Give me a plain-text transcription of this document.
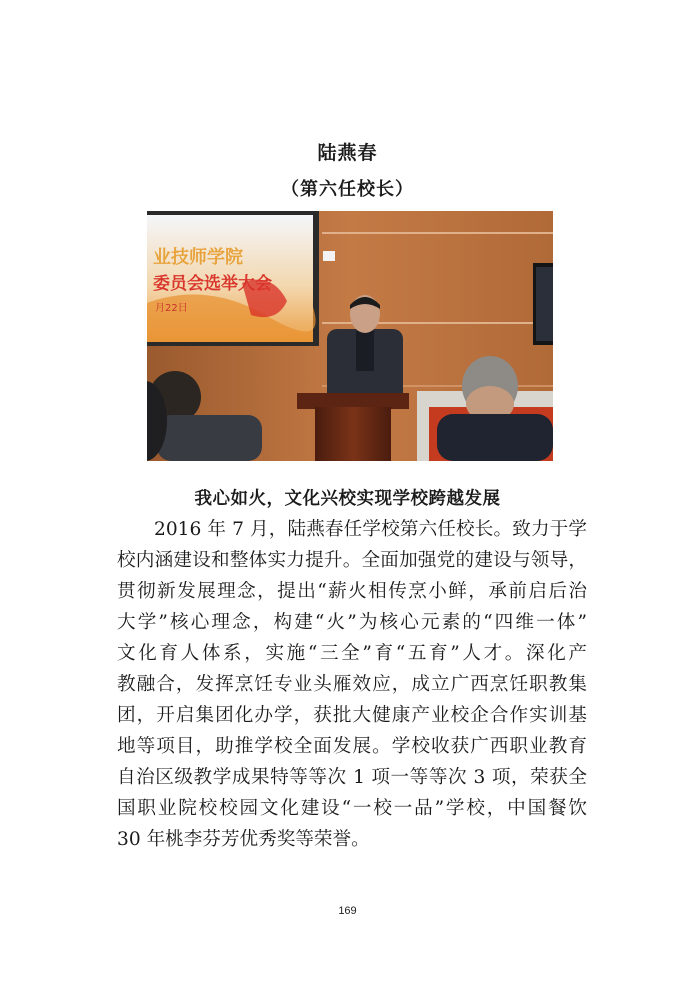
陆燕春
（第六任校长）
业技师学院
委员会选举大会
月22日
我心如火，文化兴校实现学校跨越发展
2016 年 7 月，陆燕春任学校第六任校长。致力于学
校内涵建设和整体实力提升。全面加强党的建设与领导，
贯彻新发展理念，提出“薪火相传烹小鲜，承前启后治
大学”核心理念，构建“火”为核心元素的“四维一体”
文化育人体系，实施“三全”育“五育”人才。深化产
教融合，发挥烹饪专业头雁效应，成立广西烹饪职教集
团，开启集团化办学，获批大健康产业校企合作实训基
地等项目，助推学校全面发展。学校收获广西职业教育
自治区级教学成果特等等次 1 项一等等次 3 项，荣获全
国职业院校校园文化建设“一校一品”学校，中国餐饮
30 年桃李芬芳优秀奖等荣誉。
169
